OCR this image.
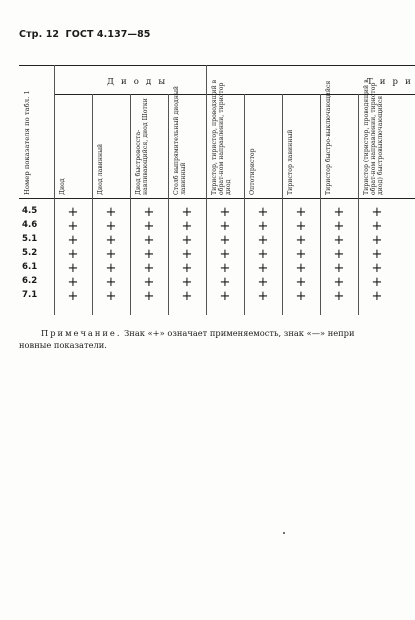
Стр. 12 ГОСТ 4.137—85
Д и о д ы	Т и р и
Номер показателя по табл. 1	Диод	Диод лавинный	Диод быстровосста-навливающийся, диод Шотки	Столб выпрямительный диодный лавинный	Тиристор, тиристор, проводящий в обрат-ном направлении, тиристор диод	Оптотиристор	Тиристор лавинный	Тиристор быстро-выключающийся	Тиристор (тиристор, проводящий в обрат-ном направлении, тиристор диод) быстровыключающийся
4.5	+	+	+	+	+	+	+	+	+
4.6	+	+	+	+	+	+	+	+	+
5.1	+	+	+	+	+	+	+	+	+
5.2	+	+	+	+	+	+	+	+	+
6.1	+	+	+	+	+	+	+	+	+
6.2	+	+	+	+	+	+	+	+	+
7.1	+	+	+	+	+	+	+	+	+
Примечание. Знак «+» означает применяемость, знак «—» непри
новные показатели.
